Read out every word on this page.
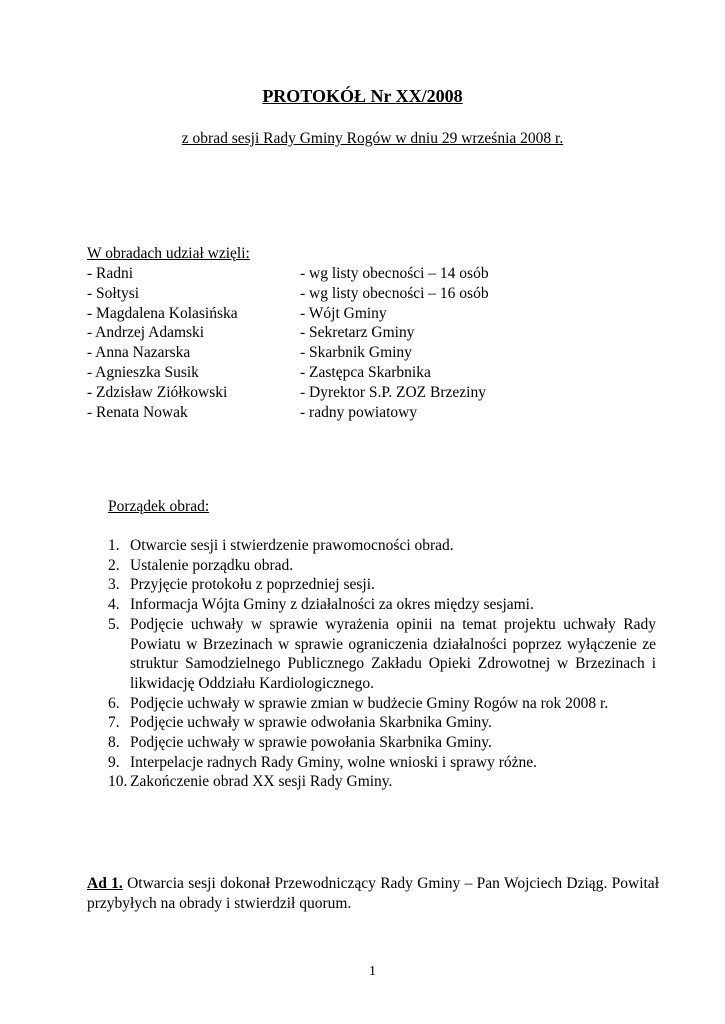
PROTOKÓŁ Nr XX/2008
z obrad sesji Rady Gminy Rogów w dniu 29 września 2008 r.
W obradach udział wzięli:
- Radni	- wg listy obecności – 14 osób
- Sołtysi	- wg listy obecności – 16 osób
- Magdalena Kolasińska	- Wójt Gminy
- Andrzej Adamski	- Sekretarz Gminy
- Anna Nazarska	- Skarbnik Gminy
- Agnieszka Susik	- Zastępca Skarbnika
- Zdzisław Ziółkowski	- Dyrektor S.P. ZOZ Brzeziny
- Renata Nowak	- radny powiatowy
Porządek obrad:
1. Otwarcie sesji i stwierdzenie prawomocności obrad.
2. Ustalenie porządku obrad.
3. Przyjęcie protokołu z poprzedniej sesji.
4. Informacja Wójta Gminy z działalności za okres między sesjami.
5. Podjęcie uchwały w sprawie wyrażenia opinii na temat projektu uchwały Rady Powiatu w Brzezinach w sprawie ograniczenia działalności poprzez wyłączenie ze struktur Samodzielnego Publicznego Zakładu Opieki Zdrowotnej w Brzezinach i likwidację Oddziału Kardiologicznego.
6. Podjęcie uchwały w sprawie zmian w budżecie Gminy Rogów na rok 2008 r.
7. Podjęcie uchwały w sprawie odwołania Skarbnika Gminy.
8. Podjęcie uchwały w sprawie powołania Skarbnika Gminy.
9. Interpelacje radnych Rady Gminy, wolne wnioski i sprawy różne.
10. Zakończenie obrad XX sesji Rady Gminy.
Ad 1. Otwarcia sesji dokonał Przewodniczący Rady Gminy – Pan Wojciech Dziąg. Powitał przybyłych na obrady i stwierdził quorum.
1
